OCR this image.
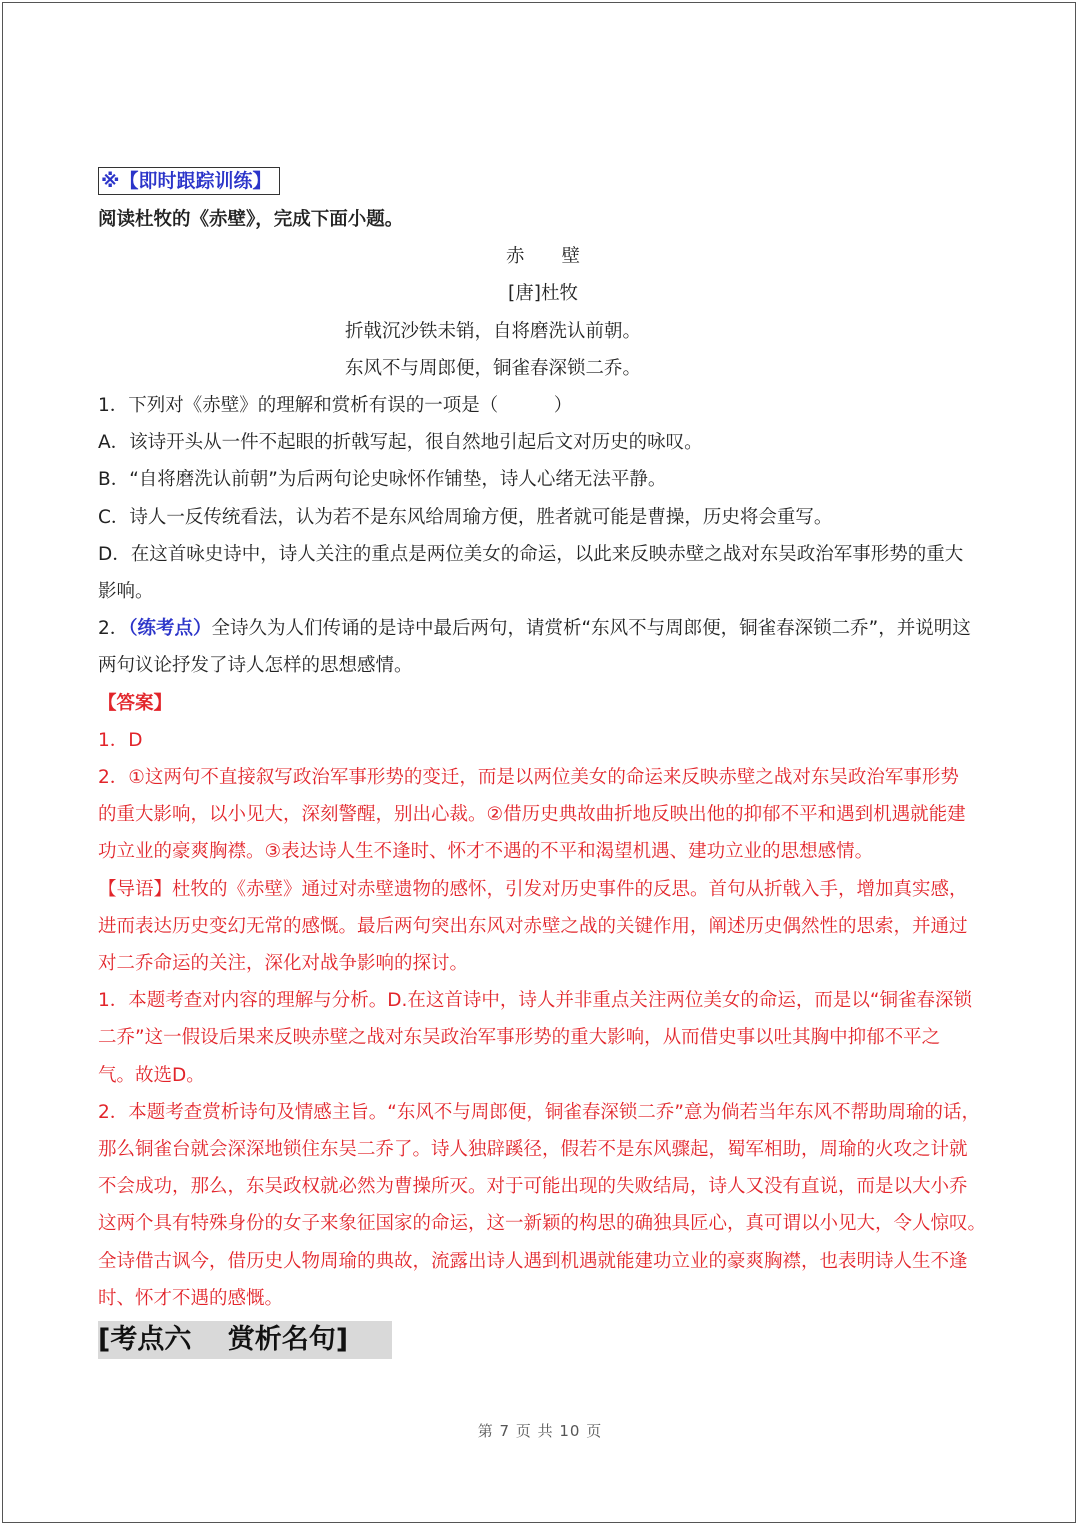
※【即时跟踪训练】
阅读杜牧的《赤壁》，完成下面小题。
赤　　壁
[唐]杜牧
折戟沉沙铁未销，自将磨洗认前朝。
东风不与周郎便，铜雀春深锁二乔。
1．下列对《赤壁》的理解和赏析有误的一项是（　　　）
A．该诗开头从一件不起眼的折戟写起，很自然地引起后文对历史的咏叹。
B．“自将磨洗认前朝”为后两句论史咏怀作铺垫，诗人心绪无法平静。
C．诗人一反传统看法，认为若不是东风给周瑜方便，胜者就可能是曹操，历史将会重写。
D．在这首咏史诗中，诗人关注的重点是两位美女的命运，以此来反映赤壁之战对东吴政治军事形势的重大
影响。
2．（练考点）全诗久为人们传诵的是诗中最后两句，请赏析“东风不与周郎便，铜雀春深锁二乔”，并说明这
两句议论抒发了诗人怎样的思想感情。
【答案】
1．D
2．①这两句不直接叙写政治军事形势的变迁，而是以两位美女的命运来反映赤壁之战对东吴政治军事形势
的重大影响，以小见大，深刻警醒，别出心裁。②借历史典故曲折地反映出他的抑郁不平和遇到机遇就能建
功立业的豪爽胸襟。③表达诗人生不逢时、怀才不遇的不平和渴望机遇、建功立业的思想感情。
【导语】杜牧的《赤壁》通过对赤壁遗物的感怀，引发对历史事件的反思。首句从折戟入手，增加真实感，
进而表达历史变幻无常的感慨。最后两句突出东风对赤壁之战的关键作用，阐述历史偶然性的思索，并通过
对二乔命运的关注，深化对战争影响的探讨。
1．本题考查对内容的理解与分析。D.在这首诗中，诗人并非重点关注两位美女的命运，而是以“铜雀春深锁
二乔”这一假设后果来反映赤壁之战对东吴政治军事形势的重大影响，从而借史事以吐其胸中抑郁不平之
气。故选D。
2．本题考查赏析诗句及情感主旨。“东风不与周郎便，铜雀春深锁二乔”意为倘若当年东风不帮助周瑜的话，
那么铜雀台就会深深地锁住东吴二乔了。诗人独辟蹊径，假若不是东风骤起，蜀军相助，周瑜的火攻之计就
不会成功，那么，东吴政权就必然为曹操所灭。对于可能出现的失败结局，诗人又没有直说，而是以大小乔
这两个具有特殊身份的女子来象征国家的命运，这一新颖的构思的确独具匠心，真可谓以小见大，令人惊叹。
全诗借古讽今，借历史人物周瑜的典故，流露出诗人遇到机遇就能建功立业的豪爽胸襟，也表明诗人生不逢
时、怀才不遇的感慨。
[考点六　 赏析名句]
第 7 页 共 10 页
